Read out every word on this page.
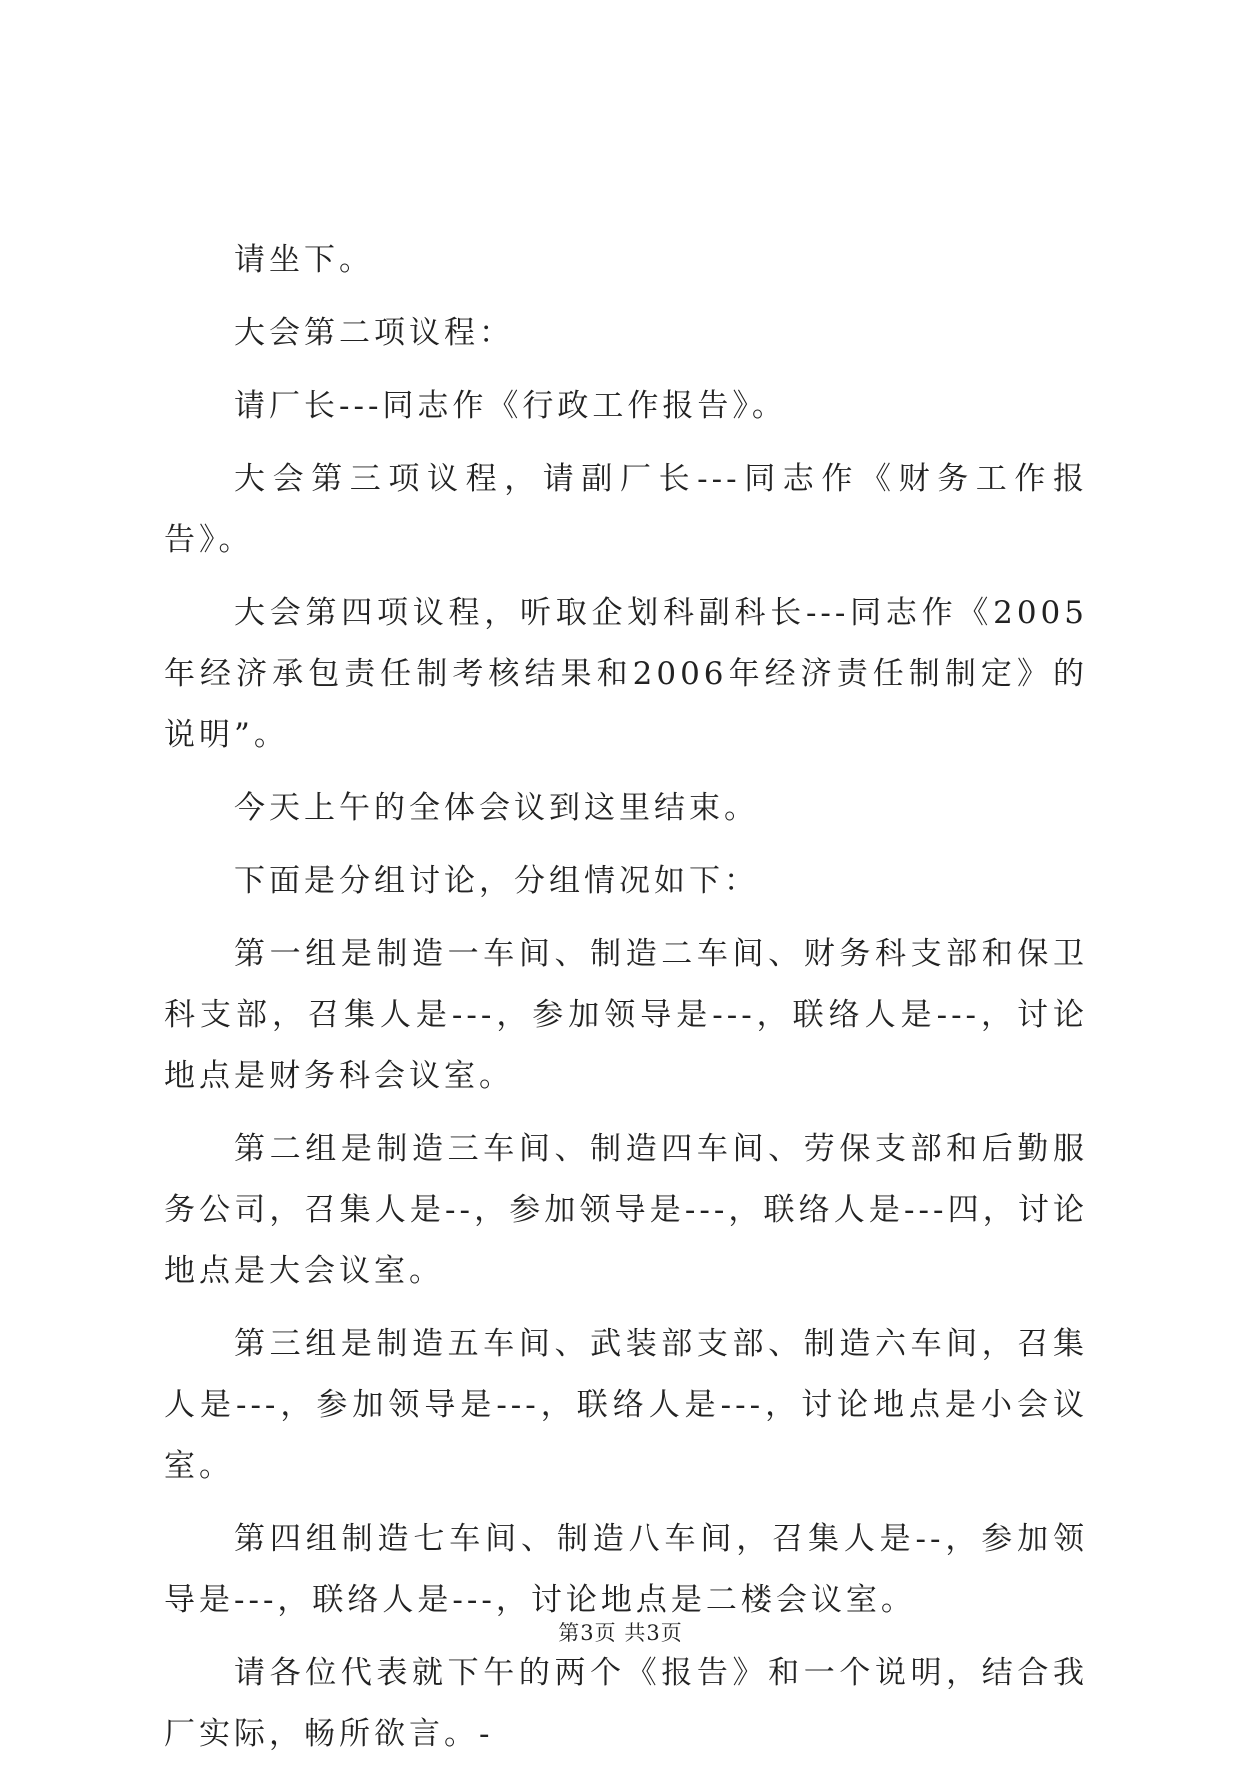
请坐下。

大会第二项议程：

请厂长---同志作《行政工作报告》。

大会第三项议程，请副厂长---同志作《财务工作报告》。

大会第四项议程，听取企划科副科长---同志作《2005年经济承包责任制考核结果和2006年经济责任制制定》的说明”。

今天上午的全体会议到这里结束。

下面是分组讨论，分组情况如下：

第一组是制造一车间、制造二车间、财务科支部和保卫科支部，召集人是---，参加领导是---，联络人是---，讨论地点是财务科会议室。

第二组是制造三车间、制造四车间、劳保支部和后勤服务公司，召集人是--，参加领导是---，联络人是---四，讨论地点是大会议室。

第三组是制造五车间、武装部支部、制造六车间，召集人是---，参加领导是---，联络人是---，讨论地点是小会议室。

第四组制造七车间、制造八车间，召集人是--，参加领导是---，联络人是---，讨论地点是二楼会议室。

请各位代表就下午的两个《报告》和一个说明，结合我厂实际，畅所欲言。-

第3页 共3页
